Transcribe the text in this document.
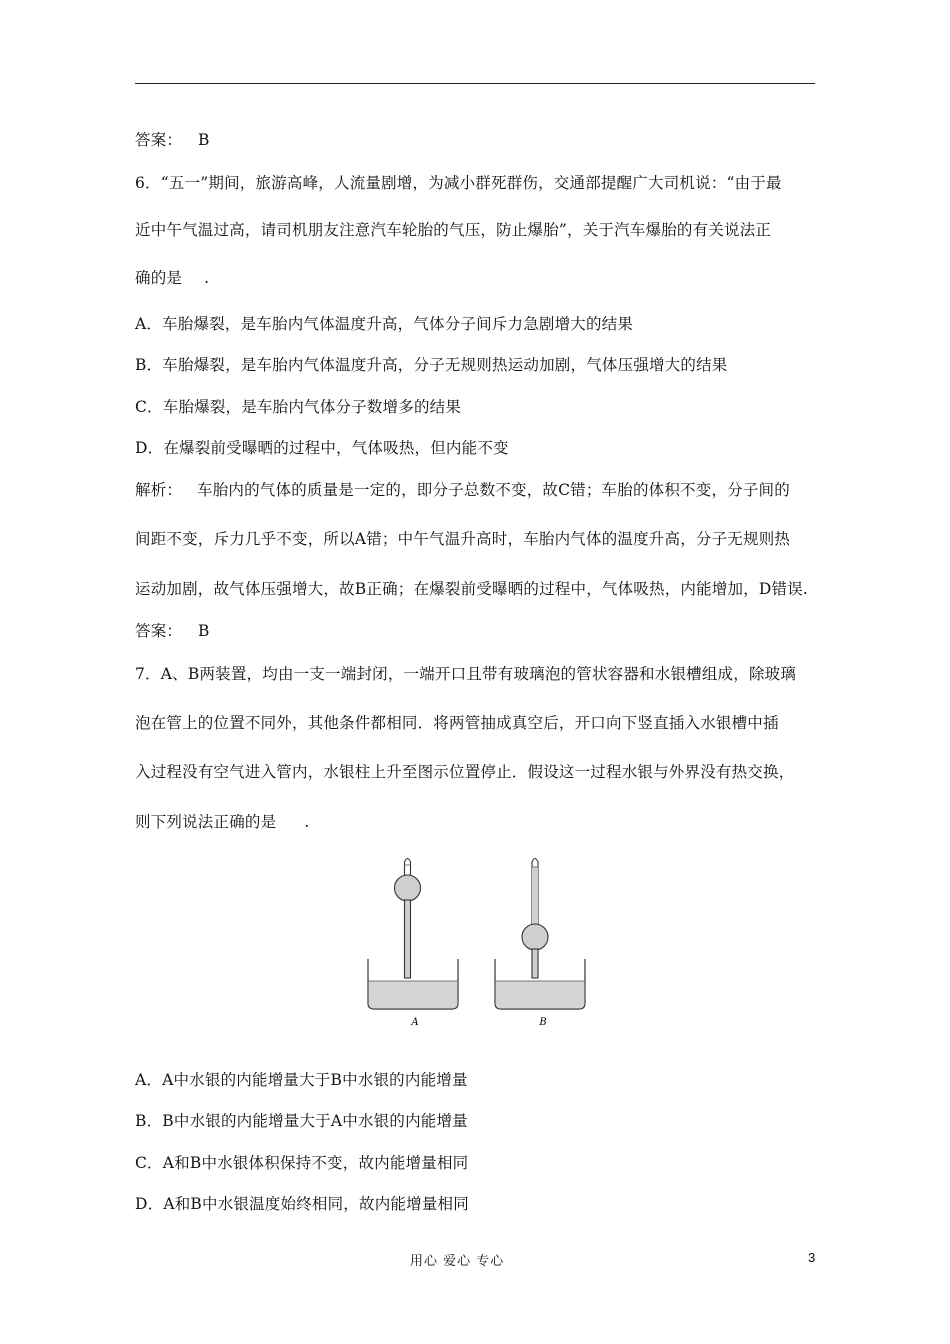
答案： B
6．“五一”期间，旅游高峰，人流量剧增，为减小群死群伤，交通部提醒广大司机说：“由于最
近中午气温过高，请司机朋友注意汽车轮胎的气压，防止爆胎”，关于汽车爆胎的有关说法正
确的是 .
A．车胎爆裂，是车胎内气体温度升高，气体分子间斥力急剧增大的结果
B．车胎爆裂，是车胎内气体温度升高，分子无规则热运动加剧，气体压强增大的结果
C．车胎爆裂，是车胎内气体分子数增多的结果
D．在爆裂前受曝晒的过程中，气体吸热，但内能不变
解析： 车胎内的气体的质量是一定的，即分子总数不变，故C错；车胎的体积不变，分子间的
间距不变，斥力几乎不变，所以A错；中午气温升高时，车胎内气体的温度升高，分子无规则热
运动加剧，故气体压强增大，故B正确；在爆裂前受曝晒的过程中，气体吸热，内能增加，D错误.
答案： B
7．A、B两装置，均由一支一端封闭，一端开口且带有玻璃泡的管状容器和水银槽组成，除玻璃
泡在管上的位置不同外，其他条件都相同．将两管抽成真空后，开口向下竖直插入水银槽中插
入过程没有空气进入管内，水银柱上升至图示位置停止．假设这一过程水银与外界没有热交换，
则下列说法正确的是 .
A	B
A．A中水银的内能增量大于B中水银的内能增量
B．B中水银的内能增量大于A中水银的内能增量
C．A和B中水银体积保持不变，故内能增量相同
D．A和B中水银温度始终相同，故内能增量相同
用心 爱心 专心	3
